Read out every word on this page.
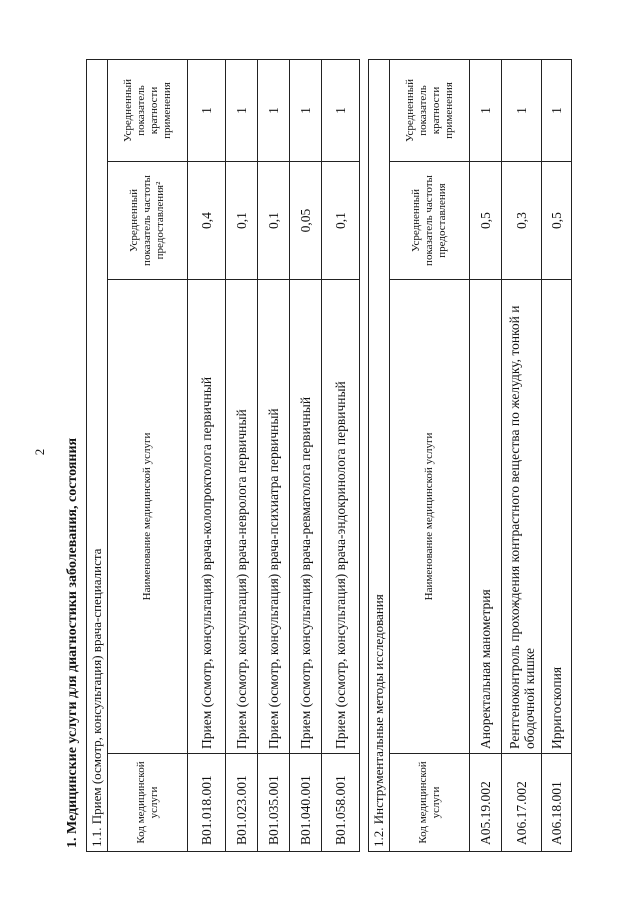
2	1. Медицинские услуги для диагностики заболевания, состояния 1.1. Прием (осмотр, консультация) врача-специалиста			
Код медицинской услуги	Наименование медицинской услуги	Усредненный показатель частоты предоставления²	Усредненный показатель кратности применения
B01.018.001	Прием (осмотр, консультация) врача-колопроктолога первичный	0,4	1
B01.023.001	Прием (осмотр, консультация) врача-невролога первичный	0,1	1
B01.035.001	Прием (осмотр, консультация) врача-психиатра первичный	0,1	1
B01.040.001	Прием (осмотр, консультация) врача-ревматолога первичный	0,05	1
B01.058.001	Прием (осмотр, консультация) врача-эндокринолога первичный	0,1	1
1.2. Инструментальные методы исследования			
Код медицинской услуги	Наименование медицинской услуги	Усредненный показатель частоты предоставления	Усредненный показатель кратности применения
A05.19.002	Аноректальная манометрия	0,5	1
A06.17.002	Рентгеноконтроль прохождения контрастного вещества по желудку, тонкой и ободочной кишке	0,3	1
A06.18.001	Ирригоскопия	0,5	1
